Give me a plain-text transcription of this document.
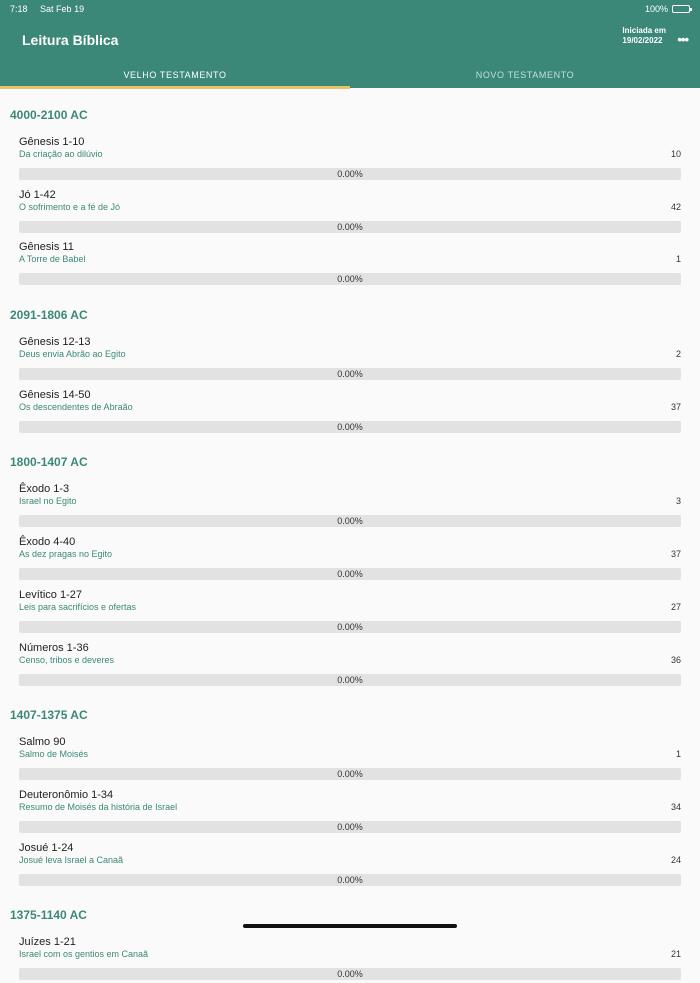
7:18 Sat Feb 19	100%
Leitura Bíblica
Iniciada em
19/02/2022 •••
VELHO TESTAMENTO	NOVO TESTAMENTO
4000-2100 AC
Gênesis 1-10
Da criação ao dilúvio	10
0.00%
Jó 1-42
O sofrimento e a fé de Jó	42
0.00%
Gênesis 11
A Torre de Babel	1
0.00%
2091-1806 AC
Gênesis 12-13
Deus envia Abrão ao Egito	2
0.00%
Gênesis 14-50
Os descendentes de Abraão	37
0.00%
1800-1407 AC
Êxodo 1-3
Israel no Egito	3
0.00%
Êxodo 4-40
As dez pragas no Egito	37
0.00%
Levítico 1-27
Leis para sacrifícios e ofertas	27
0.00%
Números 1-36
Censo, tribos e deveres	36
0.00%
1407-1375 AC
Salmo 90
Salmo de Moisés	1
0.00%
Deuteronômio 1-34
Resumo de Moisés da história de Israel	34
0.00%
Josué 1-24
Josué leva Israel a Canaã	24
0.00%
1375-1140 AC
Juízes 1-21
Israel com os gentios em Canaã	21
0.00%
